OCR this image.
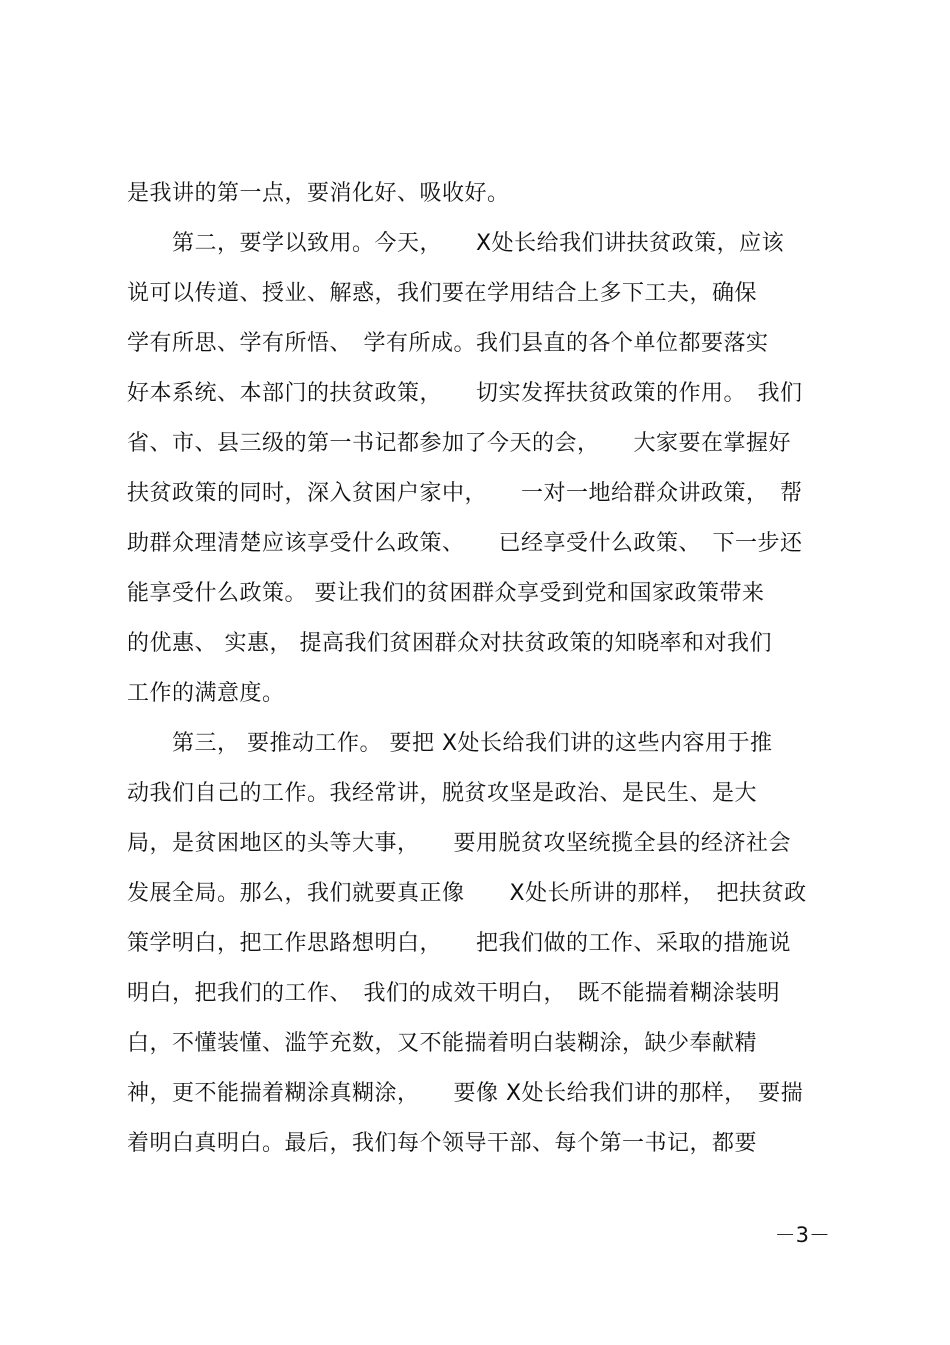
是我讲的第一点，要消化好、吸收好。
　　第二，要学以致用。今天，　　X处长给我们讲扶贫政策，应该
说可以传道、授业、解惑，我们要在学用结合上多下工夫，确保
学有所思、学有所悟、　学有所成。我们县直的各个单位都要落实
好本系统、本部门的扶贫政策，　　切实发挥扶贫政策的作用。　我们
省、市、县三级的第一书记都参加了今天的会，　　大家要在掌握好
扶贫政策的同时，深入贫困户家中，　　一对一地给群众讲政策，　帮
助群众理清楚应该享受什么政策、　　已经享受什么政策、　下一步还
能享受什么政策。 要让我们的贫困群众享受到党和国家政策带来
的优惠、 实惠， 提高我们贫困群众对扶贫政策的知晓率和对我们
工作的满意度。
　　第三， 要推动工作。 要把 X处长给我们讲的这些内容用于推
动我们自己的工作。我经常讲，脱贫攻坚是政治、是民生、是大
局，是贫困地区的头等大事，　　要用脱贫攻坚统揽全县的经济社会
发展全局。那么，我们就要真正像　　X处长所讲的那样，　把扶贫政
策学明白，把工作思路想明白，　　把我们做的工作、采取的措施说
明白，把我们的工作、　我们的成效干明白，　既不能揣着糊涂装明
白，不懂装懂、滥竽充数，又不能揣着明白装糊涂，缺少奉献精
神，更不能揣着糊涂真糊涂，　　要像 X处长给我们讲的那样，　要揣
着明白真明白。最后，我们每个领导干部、每个第一书记，都要
－3－
